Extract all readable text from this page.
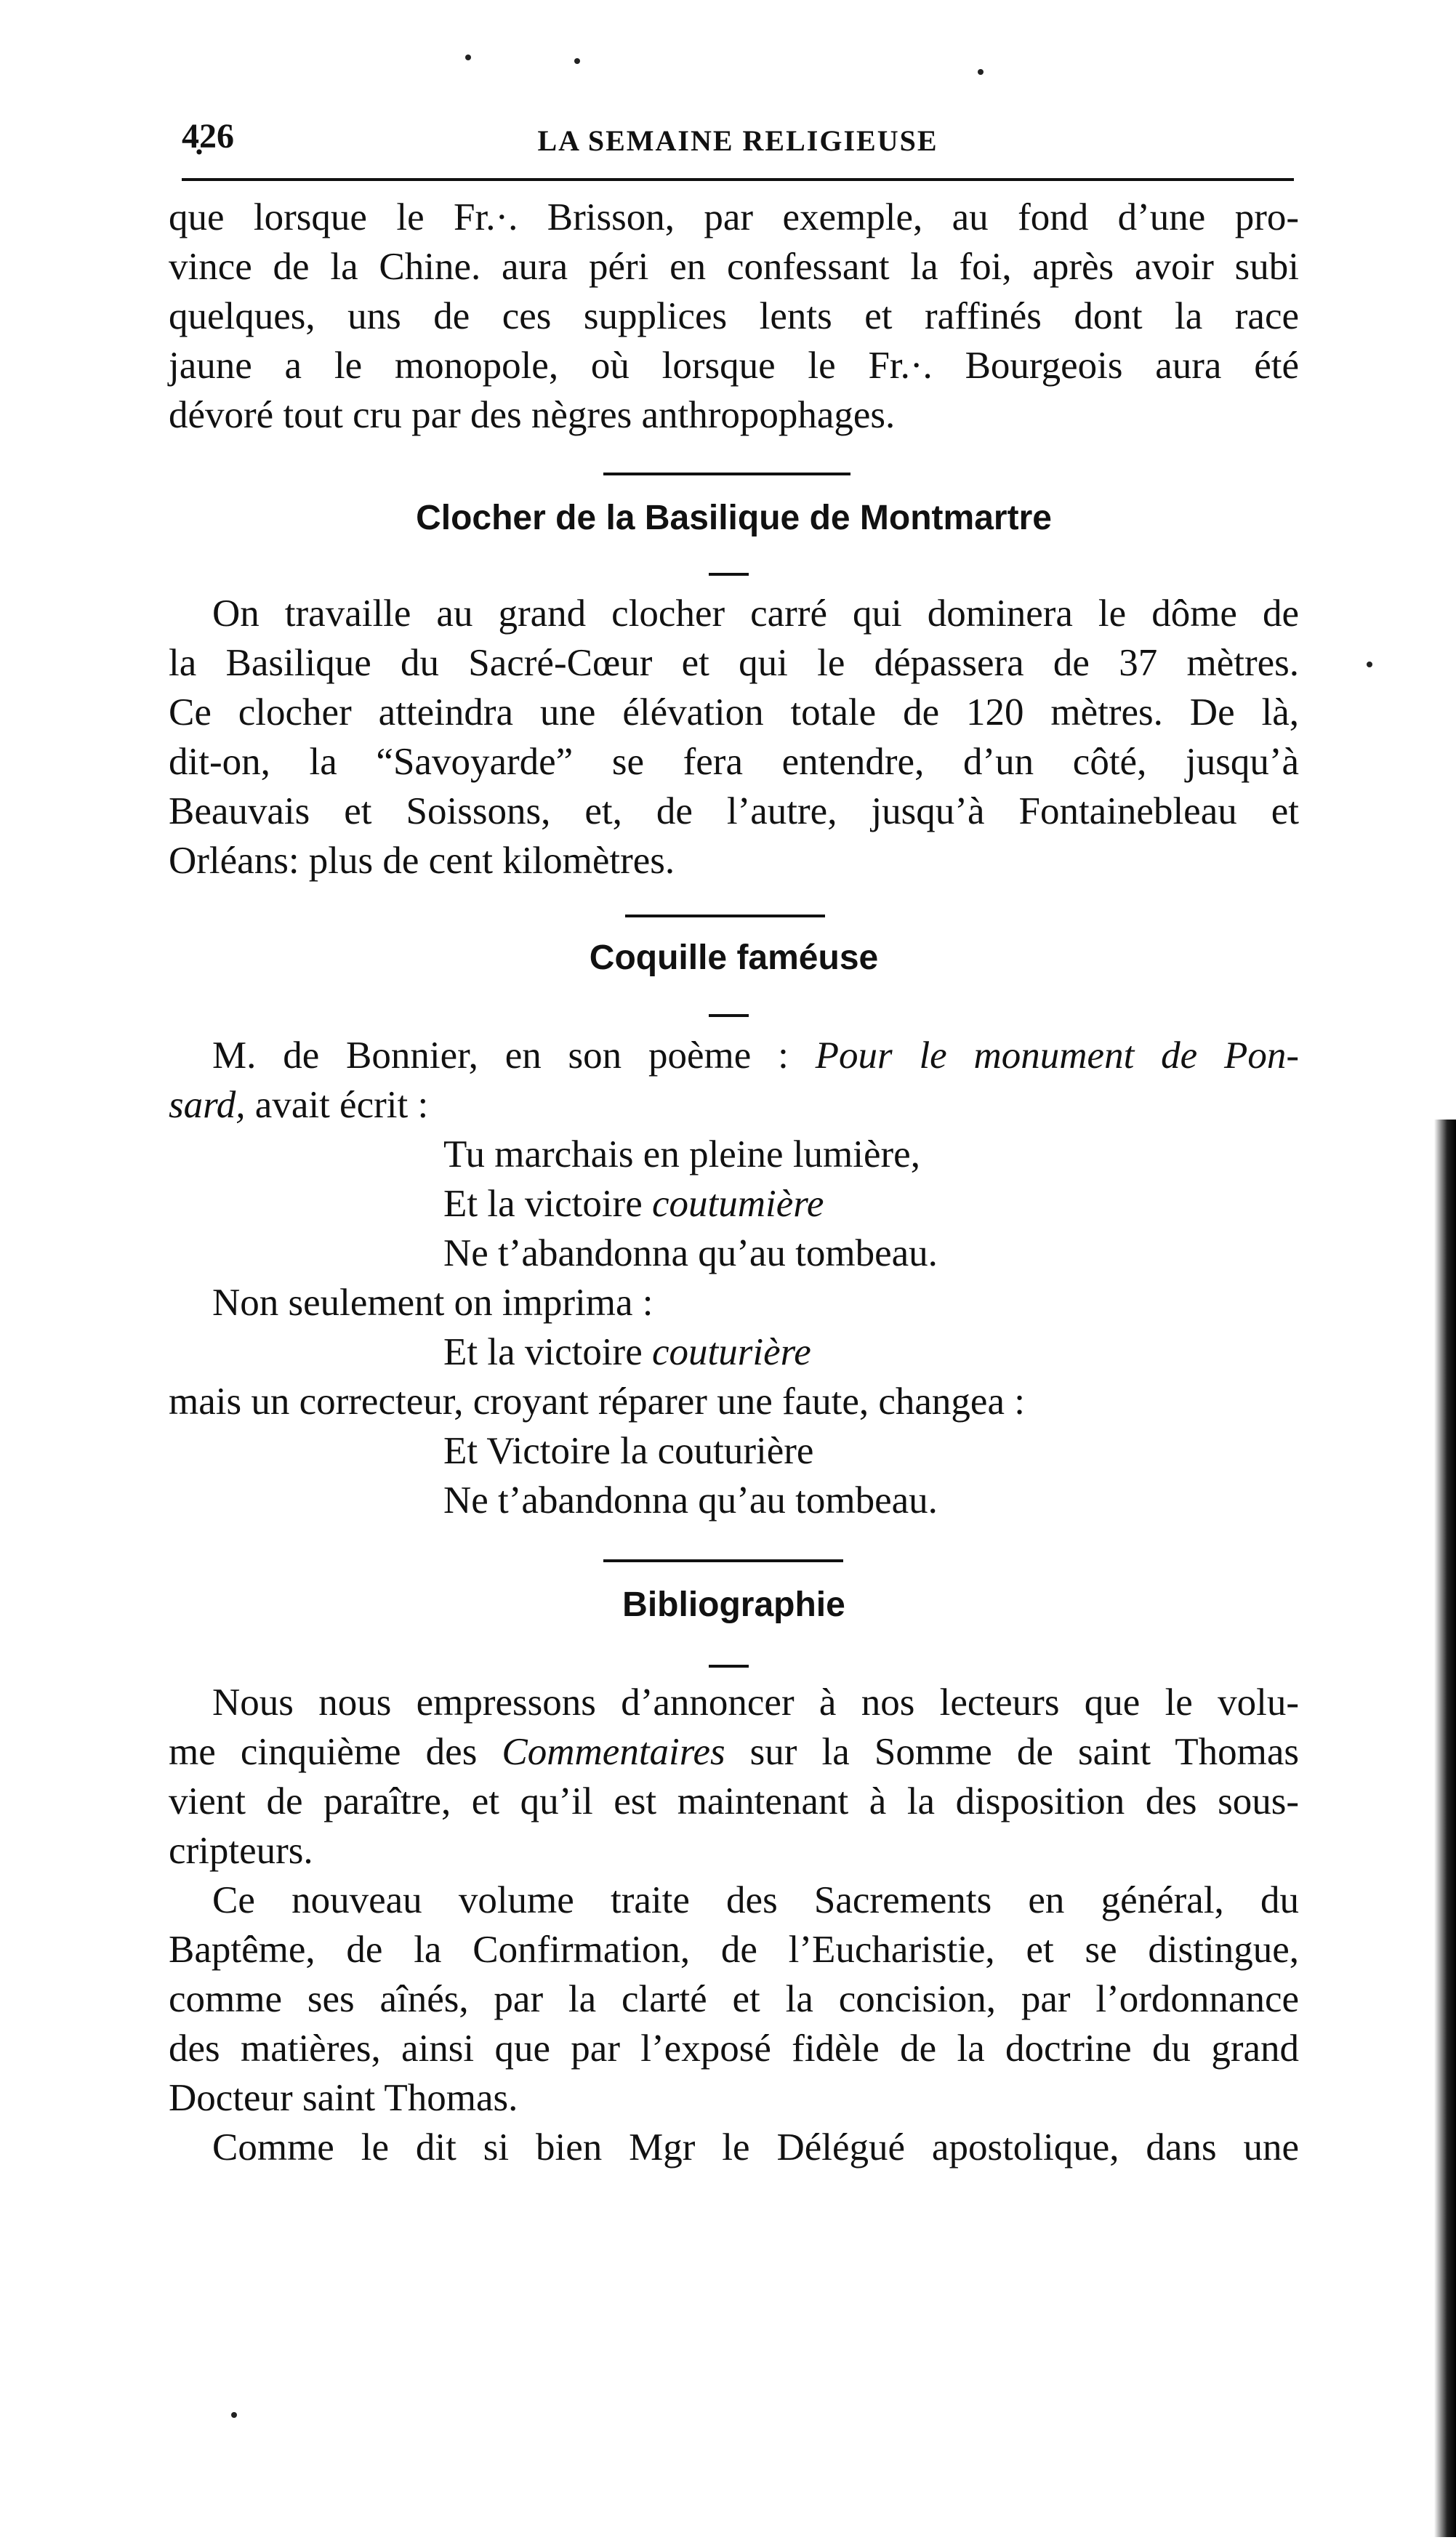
4̣26	LA SEMAINE RELIGIEUSE
que lorsque le Fr.·. Brisson, par exemple, au fond d’une pro-
vince de la Chine. aura péri en confessant la foi, après avoir subi
quelques, uns de ces supplices lents et raffinés dont la race
jaune a le monopole, où lorsque le Fr.·. Bourgeois aura été
dévoré tout cru par des nègres anthropophages.
Clocher de la Basilique de Montmartre
On travaille au grand clocher carré qui dominera le dôme de
la Basilique du Sacré-Cœur et qui le dépassera de 37 mètres.
Ce clocher atteindra une élévation totale de 120 mètres. De là,
dit-on, la “Savoyarde” se fera entendre, d’un côté, jusqu’à
Beauvais et Soissons, et, de l’autre, jusqu’à Fontainebleau et
Orléans: plus de cent kilomètres.
Coquille faméuse
M. de Bonnier, en son poème : Pour le monument de Pon-
sard, avait écrit :
Tu marchais en pleine lumière,
Et la victoire coutumière
Ne t’abandonna qu’au tombeau.
Non seulement on imprima :
Et la victoire couturière
mais un correcteur, croyant réparer une faute, changea :
Et Victoire la couturière
Ne t’abandonna qu’au tombeau.
Bibliographie
Nous nous empressons d’annoncer à nos lecteurs que le volu-
me cinquième des Commentaires sur la Somme de saint Thomas
vient de paraître, et qu’il est maintenant à la disposition des sous-
cripteurs.
Ce nouveau volume traite des Sacrements en général, du
Baptême, de la Confirmation, de l’Eucharistie, et se distingue,
comme ses aînés, par la clarté et la concision, par l’ordonnance
des matières, ainsi que par l’exposé fidèle de la doctrine du grand
Docteur saint Thomas.
Comme le dit si bien Mgr le Délégué apostolique, dans une
